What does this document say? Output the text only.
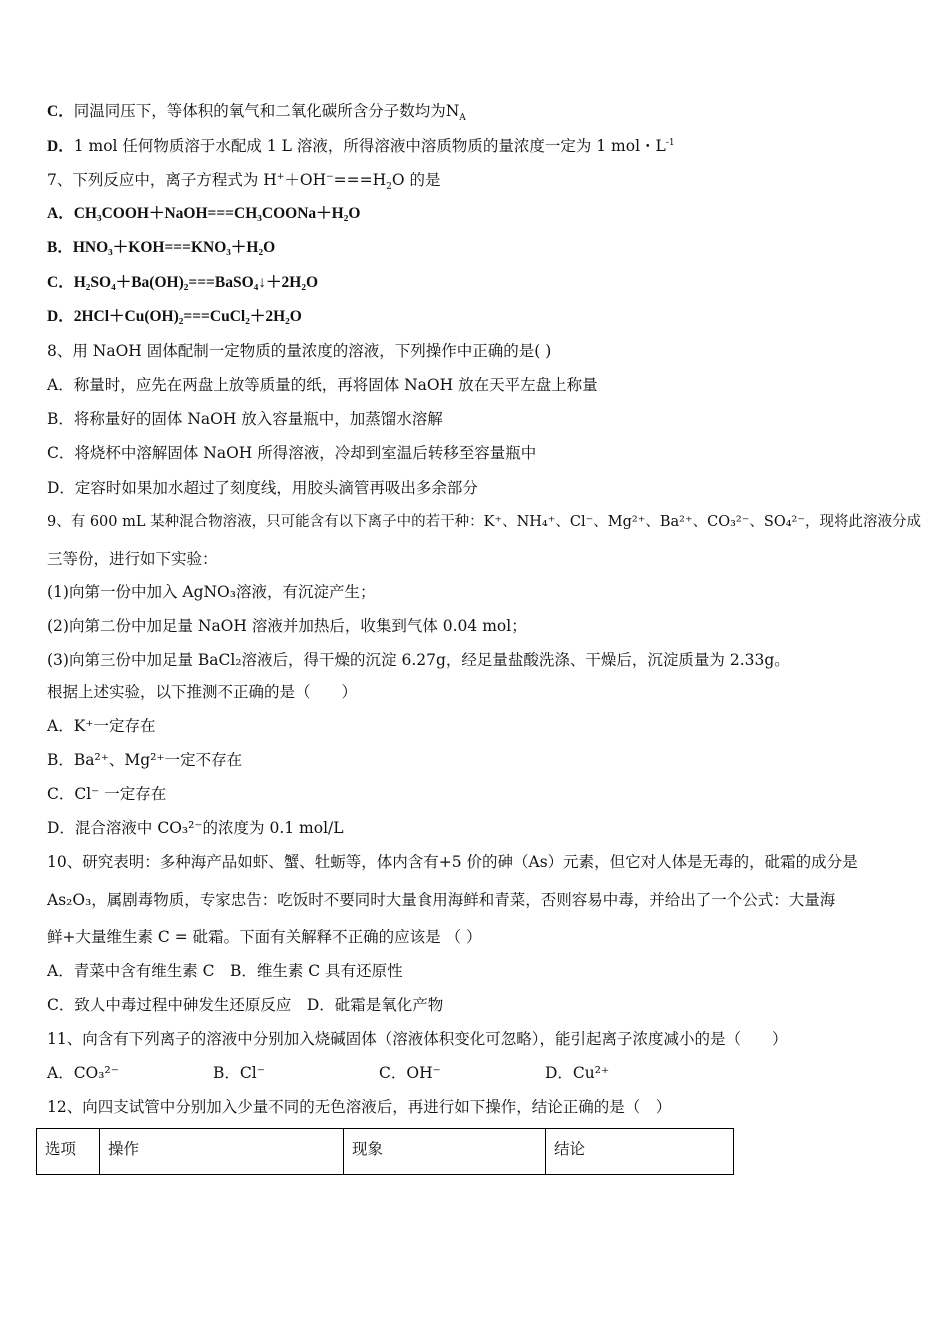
C．同温同压下，等体积的氧气和二氧化碳所含分子数均为$N_A$
D．1 mol 任何物质溶于水配成 1 L 溶液，所得溶液中溶质物质的量浓度一定为 1 mol・$L^{-1}$
7、下列反应中，离子方程式为 $H^++OH^-===H_2O$ 的是
A．CH₃COOH＋NaOH===CH₃COONa＋H₂O
B．HNO₃＋KOH===KNO₃＋H₂O
C．H₂SO₄＋Ba(OH)₂===BaSO₄↓＋2H₂O
D．2HCl＋Cu(OH)₂===CuCl₂＋2H₂O
8、用 NaOH 固体配制一定物质的量浓度的溶液，下列操作中正确的是( )
A．称量时，应先在两盘上放等质量的纸，再将固体 NaOH 放在天平左盘上称量
B．将称量好的固体 NaOH 放入容量瓶中，加蒸馏水溶解
C．将烧杯中溶解固体 NaOH 所得溶液，冷却到室温后转移至容量瓶中
D．定容时如果加水超过了刻度线，用胶头滴管再吸出多余部分
9、有 600 mL 某种混合物溶液，只可能含有以下离子中的若干种：K⁺、NH₄⁺、Cl⁻、Mg²⁺、Ba²⁺、CO₃²⁻、SO₄²⁻，现将此溶液分成
三等份，进行如下实验：
(1)向第一份中加入 AgNO₃溶液，有沉淀产生；
(2)向第二份中加足量 NaOH 溶液并加热后，收集到气体 0.04 mol；
(3)向第三份中加足量 BaCl₂溶液后，得干燥的沉淀 6.27g，经足量盐酸洗涤、干燥后，沉淀质量为 2.33g。
根据上述实验，以下推测不正确的是（　　）
A．K⁺一定存在
B．Ba²⁺、Mg²⁺一定不存在
C．Cl⁻ 一定存在
D．混合溶液中 CO₃²⁻的浓度为 0.1 mol/L
10、研究表明：多种海产品如虾、蟹、牡蛎等，体内含有+5 价的砷（As）元素，但它对人体是无毒的，砒霜的成分是
As₂O₃，属剧毒物质，专家忠告：吃饭时不要同时大量食用海鲜和青菜，否则容易中毒，并给出了一个公式：大量海
鲜+大量维生素 C = 砒霜。下面有关解释不正确的应该是 （ ）
A．青菜中含有维生素 C　B．维生素 C 具有还原性
C．致人中毒过程中砷发生还原反应　D．砒霜是氧化产物
11、向含有下列离子的溶液中分别加入烧碱固体（溶液体积变化可忽略），能引起离子浓度减小的是（　　）
A．CO₃²⁻	B．Cl⁻	C．OH⁻	D．Cu²⁺
12、向四支试管中分别加入少量不同的无色溶液后，再进行如下操作，结论正确的是（　）
选项	操作	现象	结论
